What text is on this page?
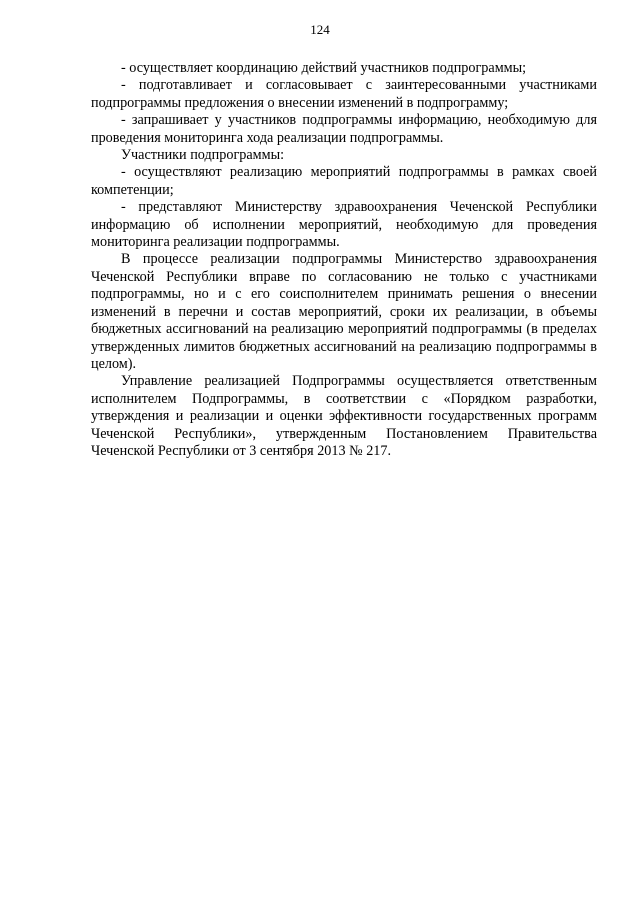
124

- осуществляет координацию действий участников подпрограммы;

- подготавливает и согласовывает с заинтересованными участниками подпрограммы предложения о внесении изменений в подпрограмму;

- запрашивает у участников подпрограммы информацию, необходимую для проведения мониторинга хода реализации подпрограммы.

Участники подпрограммы:

- осуществляют реализацию мероприятий подпрограммы в рамках своей компетенции;

- представляют Министерству здравоохранения Чеченской Республики информацию об исполнении мероприятий, необходимую для проведения мониторинга реализации подпрограммы.

В процессе реализации подпрограммы Министерство здравоохранения Чеченской Республики вправе по согласованию не только с участниками подпрограммы, но и с его соисполнителем принимать решения о внесении изменений в перечни и состав мероприятий, сроки их реализации, в объемы бюджетных ассигнований на реализацию мероприятий подпрограммы (в пределах утвержденных лимитов бюджетных ассигнований на реализацию подпрограммы в целом).

Управление реализацией Подпрограммы осуществляется ответственным исполнителем Подпрограммы, в соответствии с «Порядком разработки, утверждения и реализации и оценки эффективности государственных программ Чеченской Республики», утвержденным Постановлением Правительства Чеченской Республики от 3 сентября 2013 № 217.
